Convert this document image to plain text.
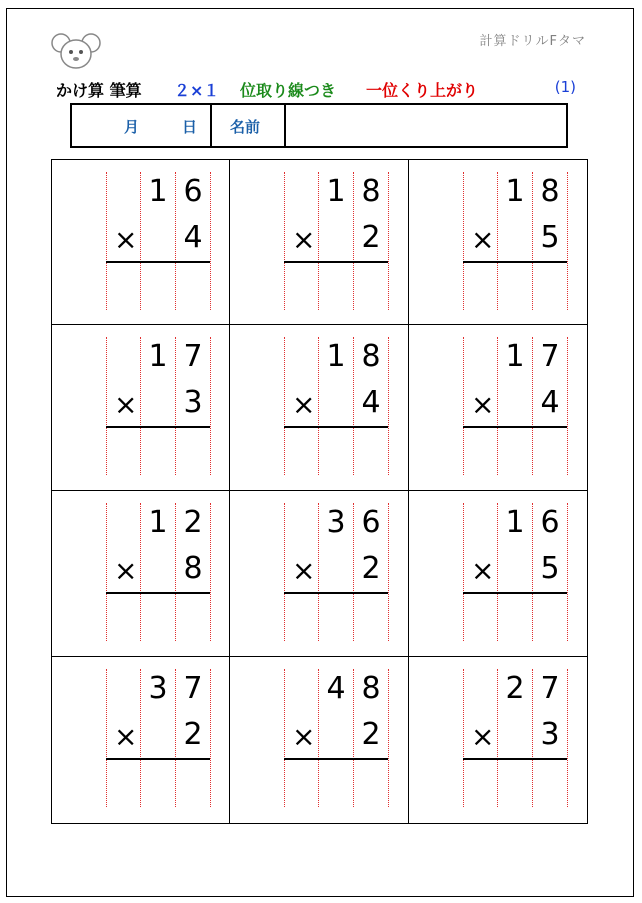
計算ドリルFタマ
かけ算 筆算 ２×１ 位取り線つき 一位くり上がり	(1)
月	日 名前
1 6
× 4
1 8
× 2
1 8
× 5
1 7
× 3
1 8
× 4
1 7
× 4
1 2
× 8
3 6
× 2
1 6
× 5
3 7
× 2
4 8
× 2
2 7
× 3
